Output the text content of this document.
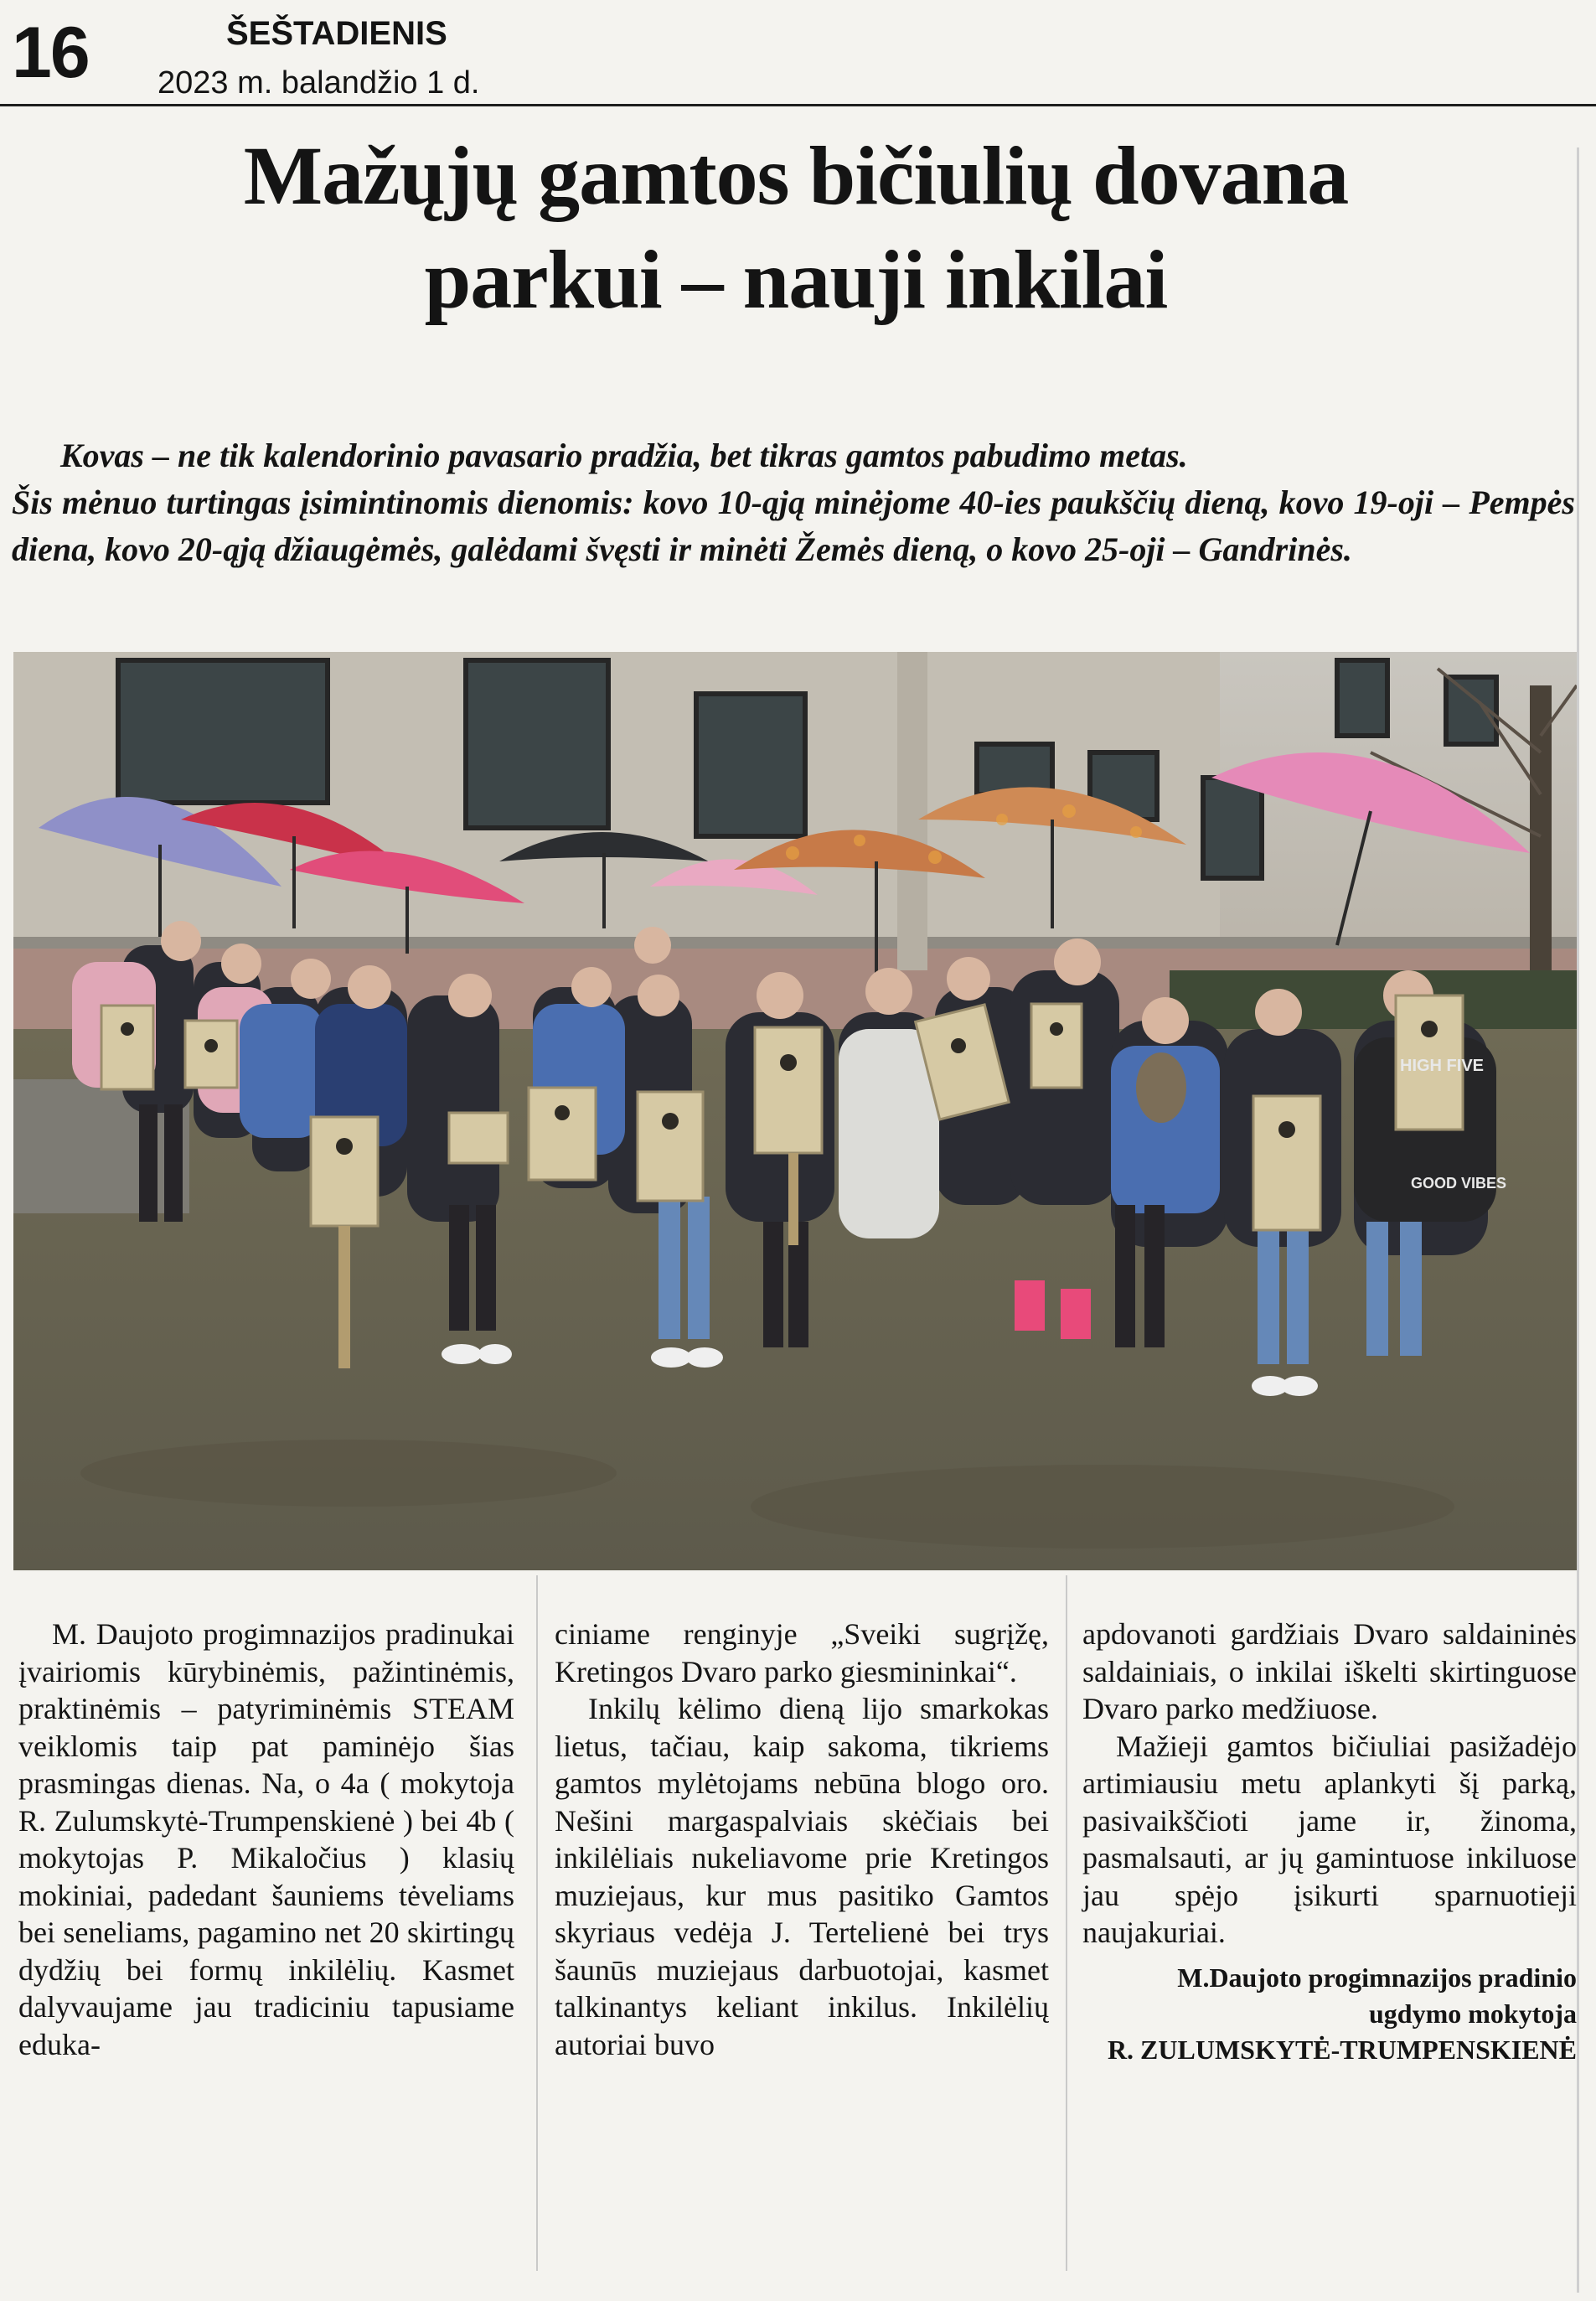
16	ŠEŠTADIENIS
2023 m. balandžio 1 d.
Mažųjų gamtos bičiulių dovana
parkui – nauji inkilai
Kovas – ne tik kalendorinio pavasario pradžia, bet tikras gamtos pabudimo metas.
Šis mėnuo turtingas įsimintinomis dienomis: kovo 10-ąją minėjome 40-ies paukščių dieną, kovo 19-oji – Pempės diena, kovo 20-ąją džiaugėmės, galėdami švęsti ir minėti Žemės dieną, o kovo 25-oji – Gandrinės.
HIGH FIVE
GOOD VIBES

M. Daujoto progimnazijos pradinukai įvairiomis kūrybinėmis, pažintinėmis, praktinėmis – patyriminėmis STEAM veiklomis taip pat paminėjo šias prasmingas dienas. Na, o 4a ( mokytoja R. Zulumskytė-Trumpenskienė ) bei 4b ( mokytojas P. Mikaločius ) klasių mokiniai, padedant šauniems tėveliams bei seneliams, pagamino net 20 skirtingų dydžių bei formų inkilėlių. Kasmet dalyvaujame jau tradiciniu tapusiame eduka-

ciniame renginyje „Sveiki sugrįžę, Kretingos Dvaro parko giesmininkai“.

Inkilų kėlimo dieną lijo smarkokas lietus, tačiau, kaip sakoma, tikriems gamtos mylėtojams nebūna blogo oro. Nešini margaspalviais skėčiais bei inkilėliais nukeliavome prie Kretingos muziejaus, kur mus pasitiko Gamtos skyriaus vedėja J. Tertelienė bei trys šaunūs muziejaus darbuotojai, kasmet talkinantys keliant inkilus. Inkilėlių autoriai buvo

apdovanoti gardžiais Dvaro saldaininės saldainiais, o inkilai iškelti skirtinguose Dvaro parko medžiuose.

Mažieji gamtos bičiuliai pasižadėjo artimiausiu metu aplankyti šį parką, pasivaikščioti jame ir, žinoma, pasmalsauti, ar jų gamintuose inkiluose jau spėjo įsikurti sparnuotieji naujakuriai.

M.Daujoto progimnazijos pradinio ugdymo mokytoja
R. ZULUMSKYTĖ-TRUMPENSKIENĖ
